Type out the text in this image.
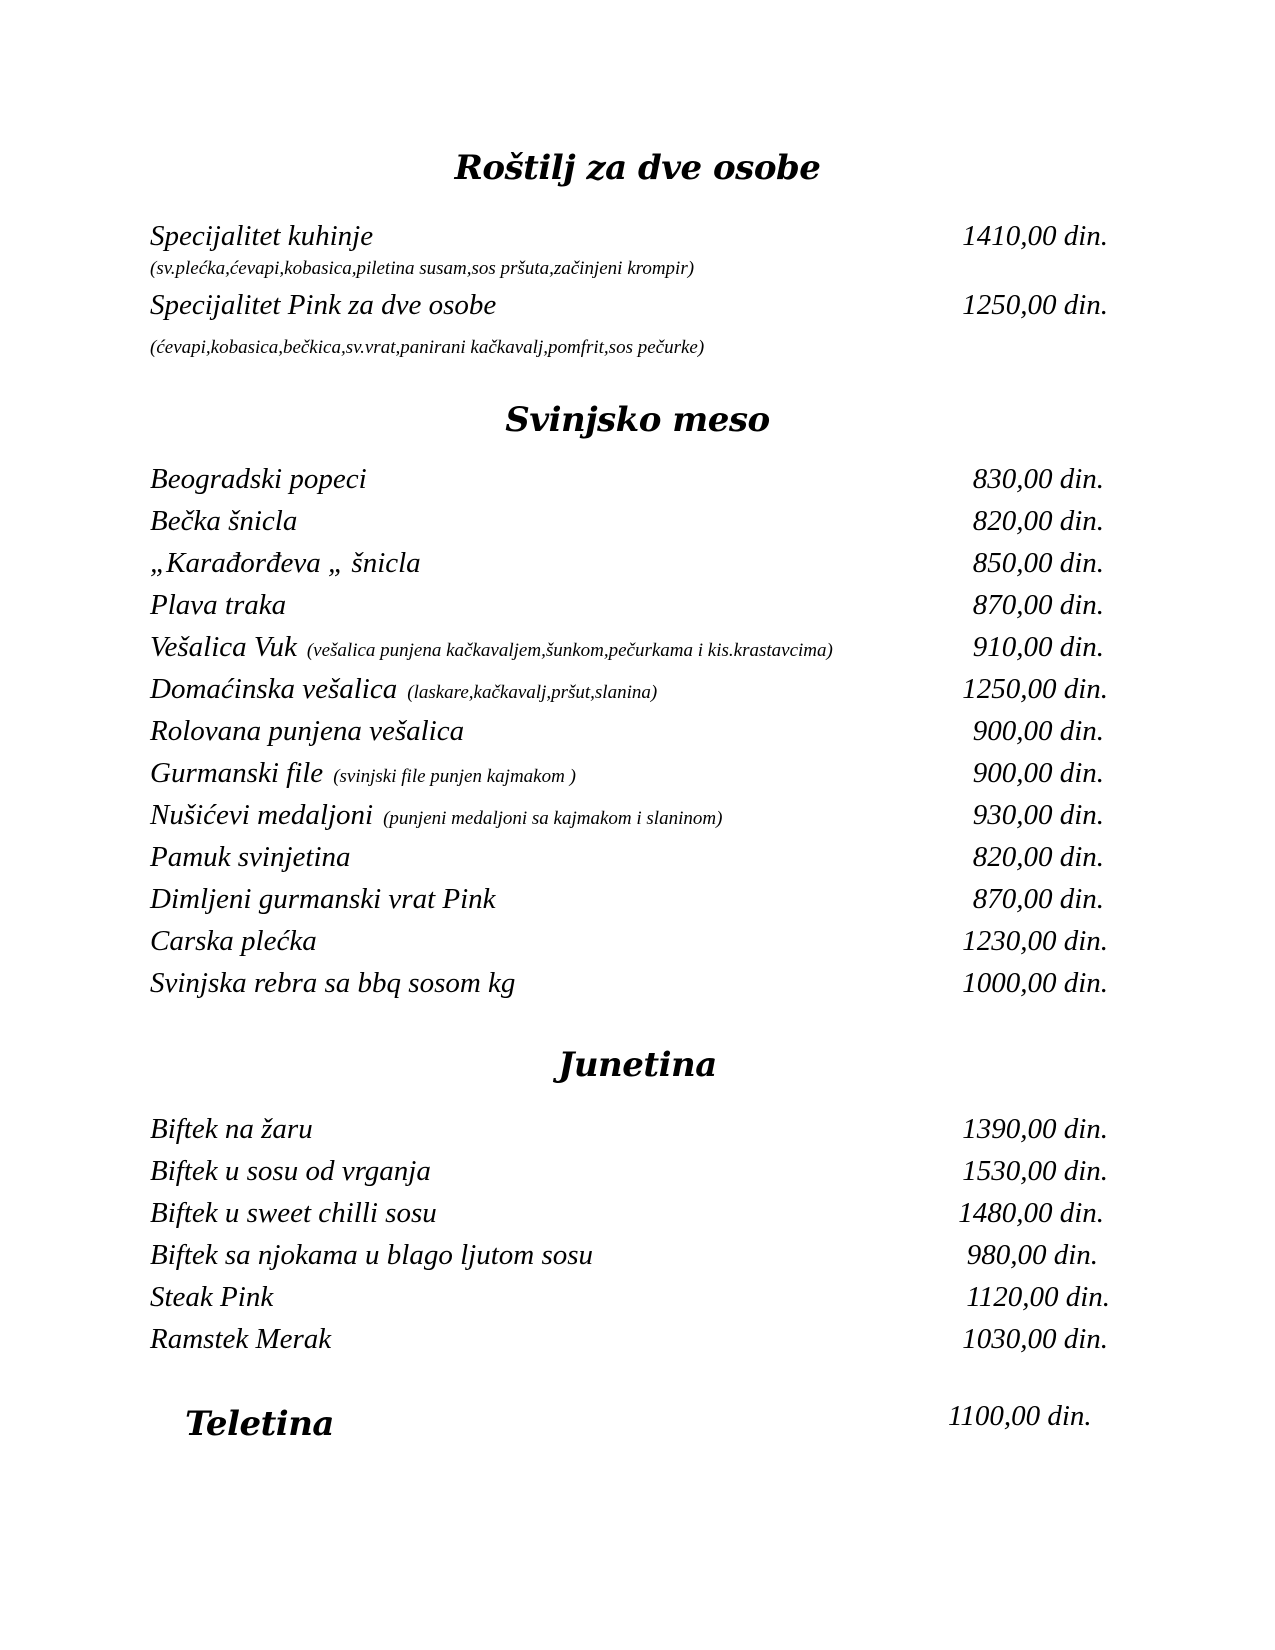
Roštilj za dve osobe
Specijalitet kuhinje	1410,00 din.
(sv.plećka,ćevapi,kobasica,piletina susam,sos pršuta,začinjeni krompir)
Specijalitet Pink za dve osobe	1250,00 din.
(ćevapi,kobasica,bečkica,sv.vrat,panirani kačkavalj,pomfrit,sos pečurke)
Svinjsko meso
Beogradski popeci	830,00 din.
Bečka šnicla	820,00 din.
„Karađorđeva „ šnicla	850,00 din.
Plava traka	870,00 din.
Vešalica Vuk (vešalica punjena kačkavaljem,šunkom,pečurkama i kis.krastavcima)	910,00 din.
Domaćinska vešalica (laskare,kačkavalj,pršut,slanina)	1250,00 din.
Rolovana punjena vešalica	900,00 din.
Gurmanski file (svinjski file punjen kajmakom )	900,00 din.
Nušićevi medaljoni (punjeni medaljoni sa kajmakom i slaninom)	930,00 din.
Pamuk svinjetina	820,00 din.
Dimljeni gurmanski vrat Pink	870,00 din.
Carska plećka	1230,00 din.
Svinjska rebra sa bbq sosom kg	1000,00 din.
Junetina
Biftek na žaru	1390,00 din.
Biftek u sosu od vrganja	1530,00 din.
Biftek u sweet chilli sosu	1480,00 din.
Biftek sa njokama u blago ljutom sosu	980,00 din.
Steak Pink	1120,00 din.
Ramstek Merak	1030,00 din.
Teletina	1100,00 din.
